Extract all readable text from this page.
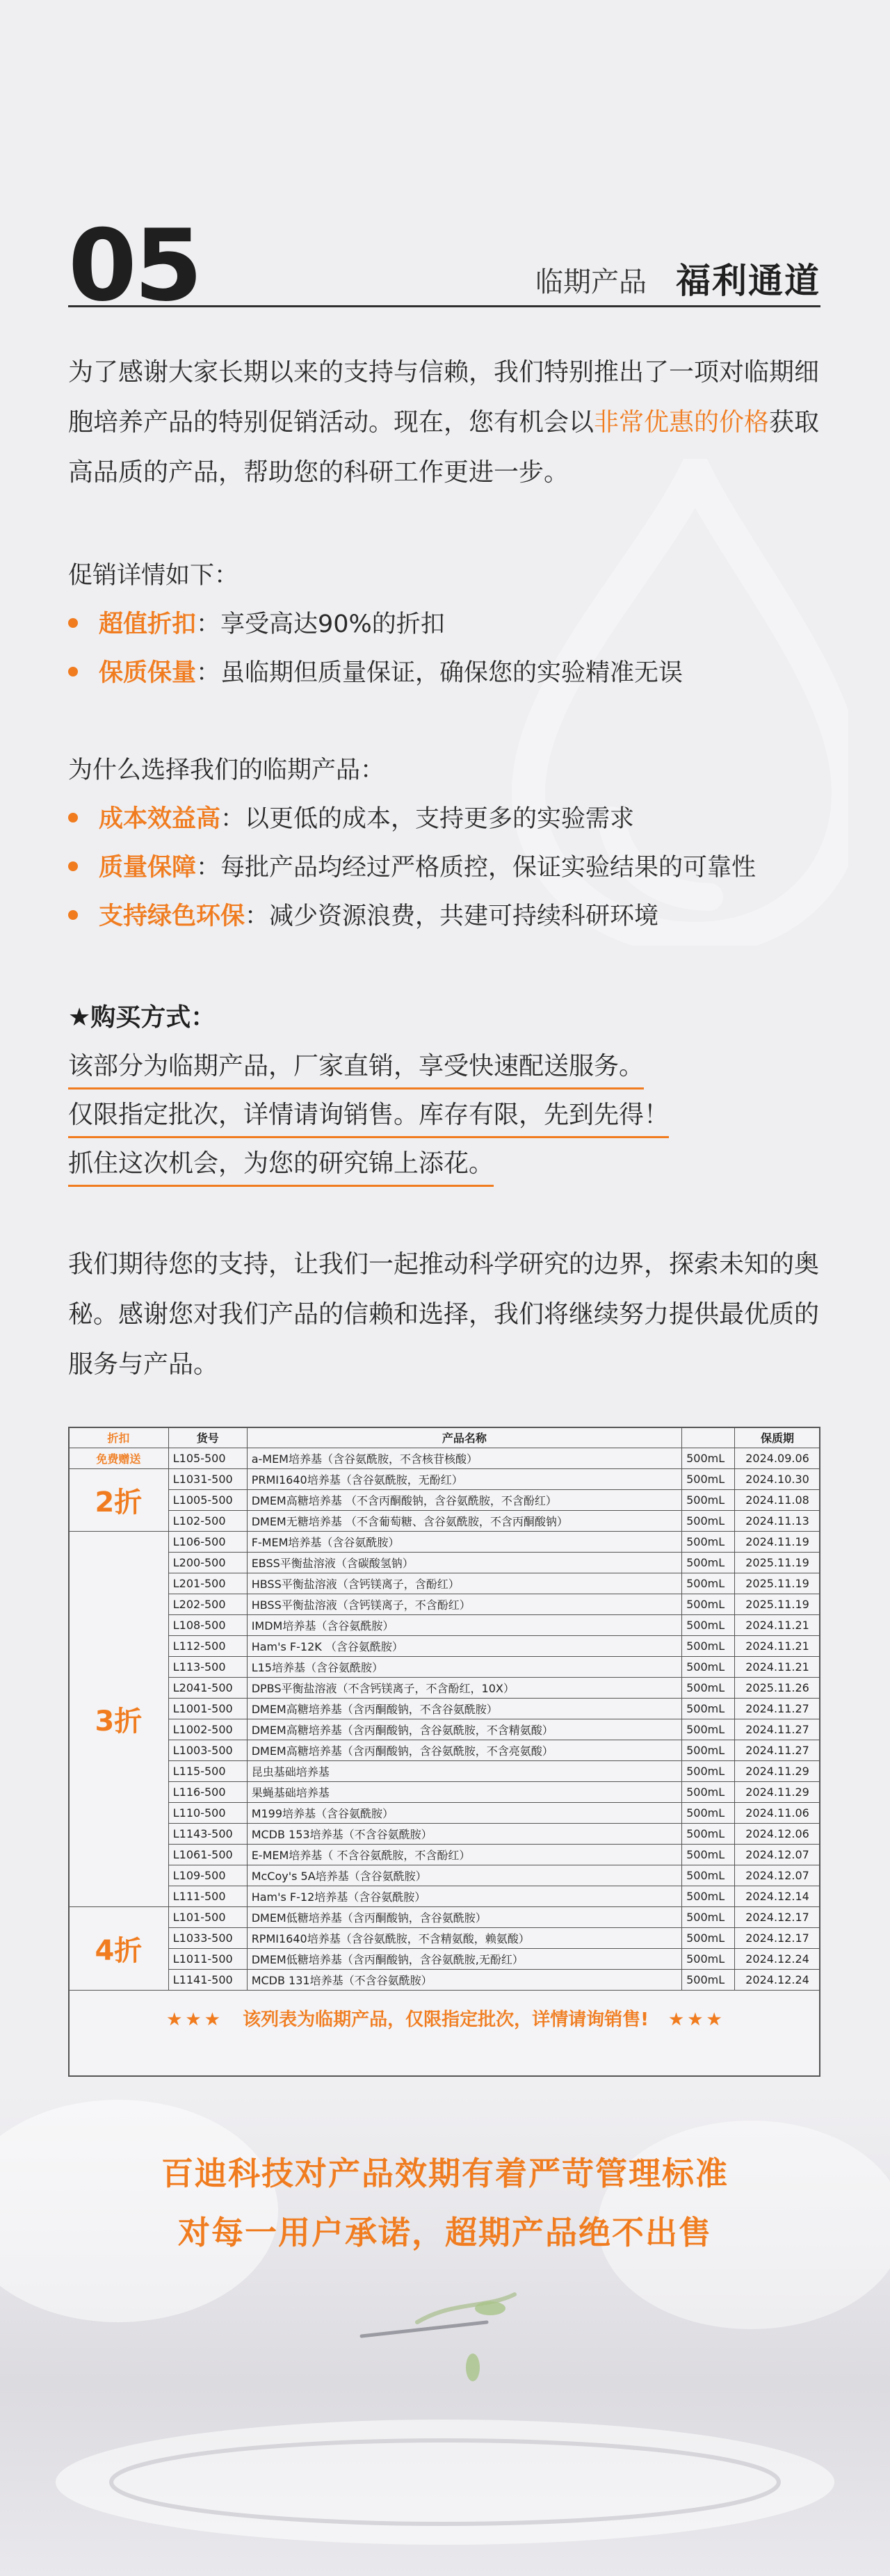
05	临期产品 福利通道
为了感谢大家长期以来的支持与信赖，我们特别推出了一项对临期细胞培养产品的特别促销活动。现在，您有机会以非常优惠的价格获取高品质的产品，帮助您的科研工作更进一步。
促销详情如下：
超值折扣：享受高达90%的折扣
保质保量：虽临期但质量保证，确保您的实验精准无误
为什么选择我们的临期产品：
成本效益高：以更低的成本，支持更多的实验需求
质量保障：每批产品均经过严格质控，保证实验结果的可靠性
支持绿色环保：减少资源浪费，共建可持续科研环境
★购买方式：
该部分为临期产品，厂家直销，享受快速配送服务。
仅限指定批次，详情请询销售。库存有限，先到先得！
抓住这次机会，为您的研究锦上添花。
我们期待您的支持，让我们一起推动科学研究的边界，探索未知的奥秘。感谢您对我们产品的信赖和选择，我们将继续努力提供最优质的服务与产品。
折扣	货号	产品名称		保质期
免费赠送	L105-500	a-MEM培养基（含谷氨酰胺，不含核苷核酸）	500mL	2024.09.06
2折	L1031-500	PRMI1640培养基（含谷氨酰胺，无酚红）	500mL	2024.10.30
	L1005-500	DMEM高糖培养基 （不含丙酮酸钠，含谷氨酰胺，不含酚红）	500mL	2024.11.08
	L102-500	DMEM无糖培养基 （不含葡萄糖、含谷氨酰胺，不含丙酮酸钠）	500mL	2024.11.13
3折	L106-500	F-MEM培养基（含谷氨酰胺）	500mL	2024.11.19
	L200-500	EBSS平衡盐溶液（含碳酸氢钠）	500mL	2025.11.19
	L201-500	HBSS平衡盐溶液（含钙镁离子，含酚红）	500mL	2025.11.19
	L202-500	HBSS平衡盐溶液（含钙镁离子，不含酚红）	500mL	2025.11.19
	L108-500	IMDM培养基（含谷氨酰胺）	500mL	2024.11.21
	L112-500	Ham's F-12K （含谷氨酰胺）	500mL	2024.11.21
	L113-500	L15培养基（含谷氨酰胺）	500mL	2024.11.21
	L2041-500	DPBS平衡盐溶液（不含钙镁离子，不含酚红，10X）	500mL	2025.11.26
	L1001-500	DMEM高糖培养基（含丙酮酸钠，不含谷氨酰胺）	500mL	2024.11.27
	L1002-500	DMEM高糖培养基（含丙酮酸钠，含谷氨酰胺，不含精氨酸）	500mL	2024.11.27
	L1003-500	DMEM高糖培养基（含丙酮酸钠，含谷氨酰胺，不含亮氨酸）	500mL	2024.11.27
	L115-500	昆虫基础培养基	500mL	2024.11.29
	L116-500	果蝇基础培养基	500mL	2024.11.29
	L110-500	M199培养基（含谷氨酰胺）	500mL	2024.11.06
	L1143-500	MCDB 153培养基（不含谷氨酰胺）	500mL	2024.12.06
	L1061-500	E-MEM培养基（ 不含谷氨酰胺，不含酚红）	500mL	2024.12.07
	L109-500	McCoy's 5A培养基（含谷氨酰胺）	500mL	2024.12.07
	L111-500	Ham's F-12培养基（含谷氨酰胺）	500mL	2024.12.14
4折	L101-500	DMEM低糖培养基（含丙酮酸钠，含谷氨酰胺）	500mL	2024.12.17
	L1033-500	RPMI1640培养基（含谷氨酰胺，不含精氨酸，赖氨酸）	500mL	2024.12.17
	L1011-500	DMEM低糖培养基（含丙酮酸钠，含谷氨酰胺,无酚红）	500mL	2024.12.24
	L1141-500	MCDB 131培养基（不含谷氨酰胺）	500mL	2024.12.24
★★★ 该列表为临期产品，仅限指定批次，详情请询销售! ★★★
百迪科技对产品效期有着严苛管理标准
对每一用户承诺，超期产品绝不出售
